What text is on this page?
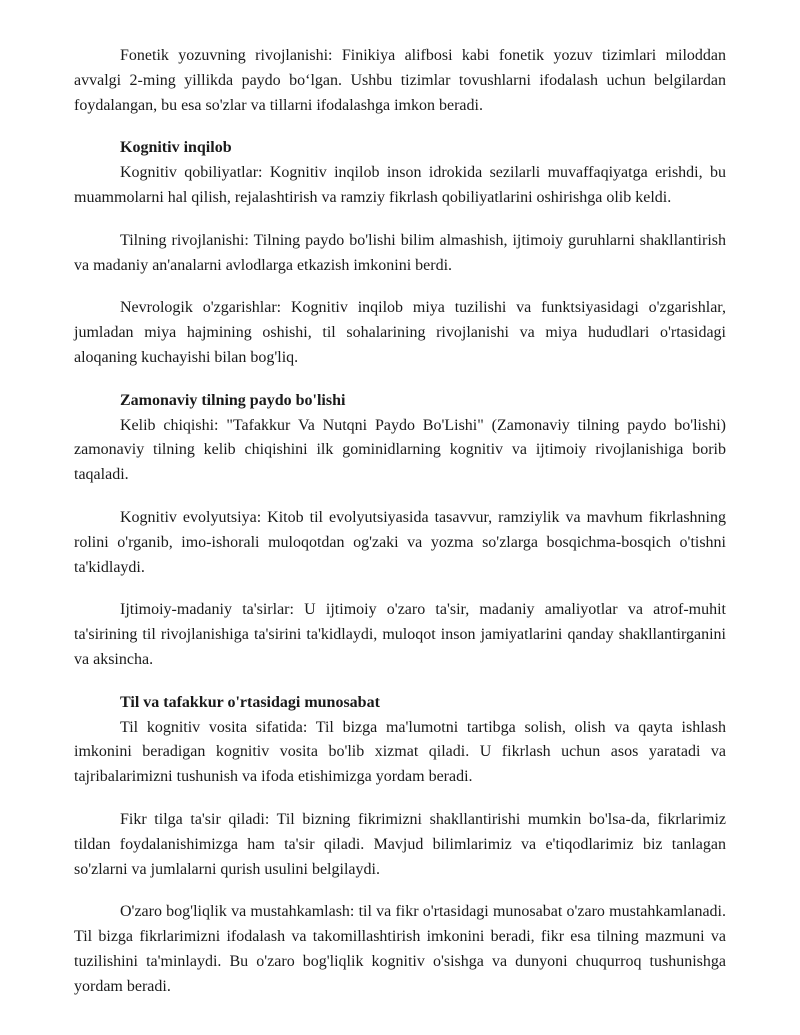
Fonetik yozuvning rivojlanishi: Finikiya alifbosi kabi fonetik yozuv tizimlari miloddan avvalgi 2-ming yillikda paydo bo‘lgan. Ushbu tizimlar tovushlarni ifodalash uchun belgilardan foydalangan, bu esa so'zlar va tillarni ifodalashga imkon beradi.

Kognitiv inqilob

Kognitiv qobiliyatlar: Kognitiv inqilob inson idrokida sezilarli muvaffaqiyatga erishdi, bu muammolarni hal qilish, rejalashtirish va ramziy fikrlash qobiliyatlarini oshirishga olib keldi.

Tilning rivojlanishi: Tilning paydo bo'lishi bilim almashish, ijtimoiy guruhlarni shakllantirish va madaniy an'analarni avlodlarga etkazish imkonini berdi.

Nevrologik o'zgarishlar: Kognitiv inqilob miya tuzilishi va funktsiyasidagi o'zgarishlar, jumladan miya hajmining oshishi, til sohalarining rivojlanishi va miya hududlari o'rtasidagi aloqaning kuchayishi bilan bog'liq.

Zamonaviy tilning paydo bo'lishi

Kelib chiqishi: "Tafakkur Va Nutqni Paydo Bo'Lishi" (Zamonaviy tilning paydo bo'lishi) zamonaviy tilning kelib chiqishini ilk gominidlarning kognitiv va ijtimoiy rivojlanishiga borib taqaladi.

Kognitiv evolyutsiya: Kitob til evolyutsiyasida tasavvur, ramziylik va mavhum fikrlashning rolini o'rganib, imo-ishorali muloqotdan og'zaki va yozma so'zlarga bosqichma-bosqich o'tishni ta'kidlaydi.

Ijtimoiy-madaniy ta'sirlar: U ijtimoiy o'zaro ta'sir, madaniy amaliyotlar va atrof-muhit ta'sirining til rivojlanishiga ta'sirini ta'kidlaydi, muloqot inson jamiyatlarini qanday shakllantirganini va aksincha.

Til va tafakkur o'rtasidagi munosabat

Til kognitiv vosita sifatida: Til bizga ma'lumotni tartibga solish, olish va qayta ishlash imkonini beradigan kognitiv vosita bo'lib xizmat qiladi. U fikrlash uchun asos yaratadi va tajribalarimizni tushunish va ifoda etishimizga yordam beradi.

Fikr tilga ta'sir qiladi: Til bizning fikrimizni shakllantirishi mumkin bo'lsa-da, fikrlarimiz tildan foydalanishimizga ham ta'sir qiladi. Mavjud bilimlarimiz va e'tiqodlarimiz biz tanlagan so'zlarni va jumlalarni qurish usulini belgilaydi.

O'zaro bog'liqlik va mustahkamlash: til va fikr o'rtasidagi munosabat o'zaro mustahkamlanadi. Til bizga fikrlarimizni ifodalash va takomillashtirish imkonini beradi, fikr esa tilning mazmuni va tuzilishini ta'minlaydi. Bu o'zaro bog'liqlik kognitiv o'sishga va dunyoni chuqurroq tushunishga yordam beradi.
